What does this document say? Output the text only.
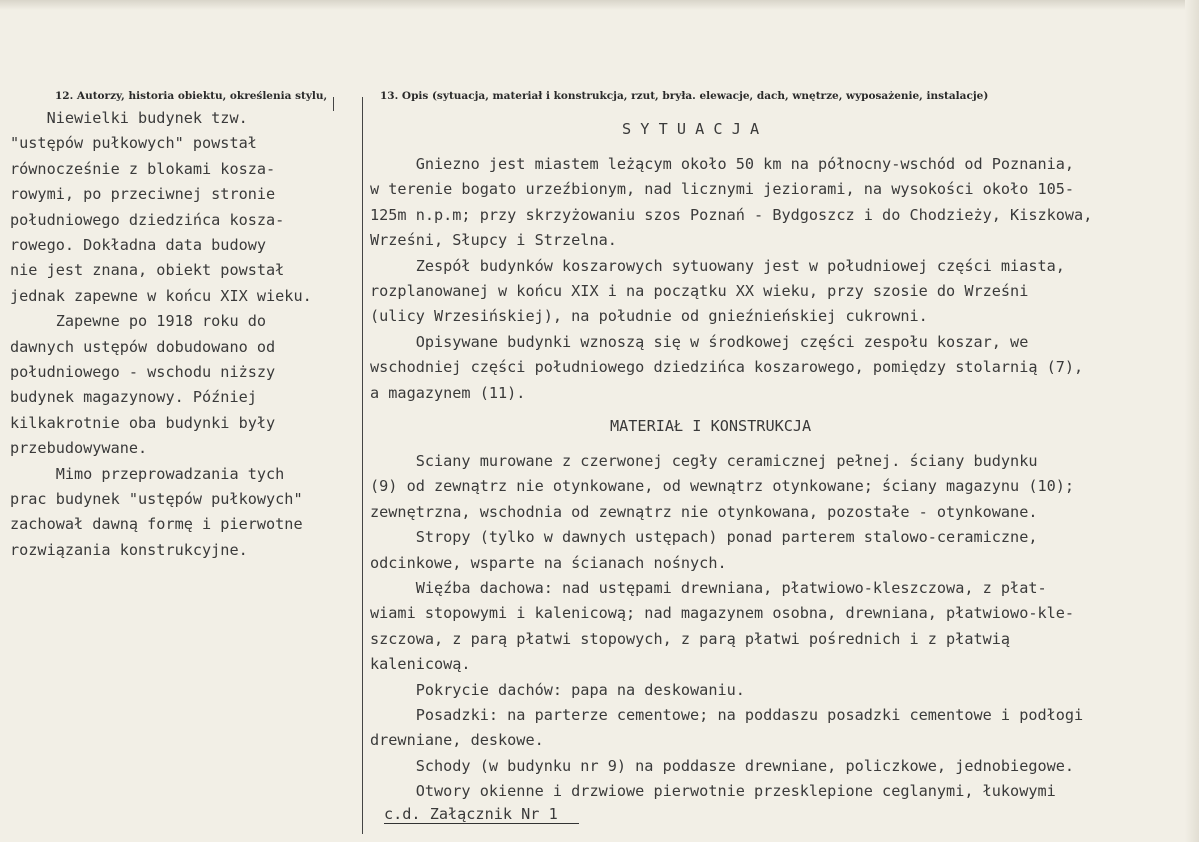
12. Autorzy, historia obiektu, określenia stylu,	13. Opis (sytuacja, materiał i konstrukcja, rzut, bryła. elewacje, dach, wnętrze, wyposażenie, instalacje)
Niewielki budynek tzw.
"ustępów pułkowych" powstał
równocześnie z blokami kosza-
rowymi, po przeciwnej stronie
południowego dziedzińca kosza-
rowego. Dokładna data budowy
nie jest znana, obiekt powstał
jednak zapewne w końcu XIX wieku.
Zapewne po 1918 roku do
dawnych ustępów dobudowano od
południowego - wschodu niższy
budynek magazynowy. Później
kilkakrotnie oba budynki były
przebudowywane.
Mimo przeprowadzania tych
prac budynek "ustępów pułkowych"
zachował dawną formę i pierwotne
rozwiązania konstrukcyjne.
S Y T U A C J A
Gniezno jest miastem leżącym około 50 km na północny-wschód od Poznania,
w terenie bogato urzeźbionym, nad licznymi jeziorami, na wysokości około 105-
125m n.p.m; przy skrzyżowaniu szos Poznań - Bydgoszcz i do Chodzieży, Kiszkowa,
Wrześni, Słupcy i Strzelna.
Zespół budynków koszarowych sytuowany jest w południowej części miasta,
rozplanowanej w końcu XIX i na początku XX wieku, przy szosie do Wrześni
(ulicy Wrzesińskiej), na południe od gnieźnieńskiej cukrowni.
Opisywane budynki wznoszą się w środkowej części zespołu koszar, we
wschodniej części południowego dziedzińca koszarowego, pomiędzy stolarnią (7),
a magazynem (11).
MATERIAŁ I KONSTRUKCJA
Sciany murowane z czerwonej cegły ceramicznej pełnej. ściany budynku
(9) od zewnątrz nie otynkowane, od wewnątrz otynkowane; ściany magazynu (10);
zewnętrzna, wschodnia od zewnątrz nie otynkowana, pozostałe - otynkowane.
Stropy (tylko w dawnych ustępach) ponad parterem stalowo-ceramiczne,
odcinkowe, wsparte na ścianach nośnych.
Więźba dachowa: nad ustępami drewniana, płatwiowo-kleszczowa, z płat-
wiami stopowymi i kalenicową; nad magazynem osobna, drewniana, płatwiowo-kle-
szczowa, z parą płatwi stopowych, z parą płatwi pośrednich i z płatwią
kalenicową.
Pokrycie dachów: papa na deskowaniu.
Posadzki: na parterze cementowe; na poddaszu posadzki cementowe i podłogi
drewniane, deskowe.
Schody (w budynku nr 9) na poddasze drewniane, policzkowe, jednobiegowe.
Otwory okienne i drzwiowe pierwotnie przesklepione ceglanymi, łukowymi
c.d. Załącznik Nr 1
